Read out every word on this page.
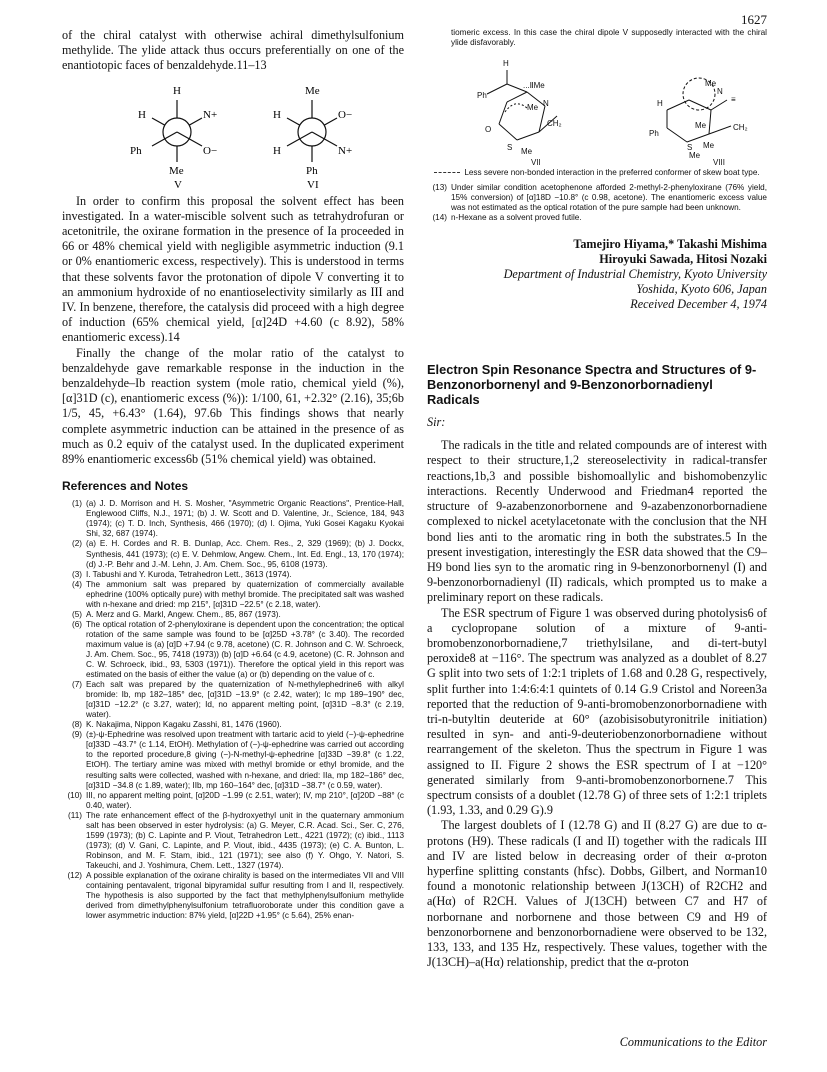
1627

of the chiral catalyst with otherwise achiral dimethylsulfonium methylide. The ylide attack thus occurs preferentially on one of the enantiotopic faces of benzaldehyde.11–13

H
N+
H
Ph	O−
Me
V
Me
O−
H
H	N+
Ph
VI

In order to confirm this proposal the solvent effect has been investigated. In a water-miscible solvent such as tetrahydrofuran or acetonitrile, the oxirane formation in the presence of Ia proceeded in 66 or 48% chemical yield with negligible asymmetric induction (9.1 or 0% enantiomeric excess, respectively). This is understood in terms that these solvents favor the protonation of dipole V converting it to an ammonium hydroxide of no enantioselectivity similarly as III and IV. In benzene, therefore, the catalysis did proceed with a high degree of induction (65% chemical yield, [α]24D +4.60 (c 8.92), 58% enantiomeric excess).14

Finally the change of the molar ratio of the catalyst to benzaldehyde gave remarkable response in the induction in the benzaldehyde–Ib reaction system (mole ratio, chemical yield (%), [α]31D (c), enantiomeric excess (%)): 1/100, 61, +2.32° (2.16), 35;6b 1/5, 45, +6.43° (1.64), 97.6b This findings shows that nearly complete asymmetric induction can be attained in the presence of as much as 0.2 equiv of the catalyst used. In the duplicated experiment 89% enantiomeric excess6b (51% chemical yield) was obtained.

References and Notes
(1) (a) J. D. Morrison and H. S. Mosher, "Asymmetric Organic Reactions", Prentice-Hall, Englewood Cliffs, N.J., 1971; (b) J. W. Scott and D. Valentine, Jr., Science, 184, 943 (1974); (c) T. D. Inch, Synthesis, 466 (1970); (d) I. Ojima, Yuki Gosei Kagaku Kyokai Shi, 32, 687 (1974).
(2) (a) E. H. Cordes and R. B. Dunlap, Acc. Chem. Res., 2, 329 (1969); (b) J. Dockx, Synthesis, 441 (1973); (c) E. V. Dehmlow, Angew. Chem., Int. Ed. Engl., 13, 170 (1974); (d) J.-P. Behr and J.-M. Lehn, J. Am. Chem. Soc., 95, 6108 (1973).
(3) I. Tabushi and Y. Kuroda, Tetrahedron Lett., 3613 (1974).
(4) The ammonium salt was prepared by quaternization of commercially available ephedrine (100% optically pure) with methyl bromide. The precipitated salt was washed with n-hexane and dried: mp 215°, [α]31D −22.5° (c 2.18, water).
(5) A. Merz and G. Markl, Angew. Chem., 85, 867 (1973).
(6) The optical rotation of 2-phenyloxirane is dependent upon the concentration; the optical rotation of the same sample was found to be [α]25D +3.78° (c 3.40). The recorded maximum value is (a) [α]D +7.94 (c 9.78, acetone) (C. R. Johnson and C. W. Schroeck, J. Am. Chem. Soc., 95, 7418 (1973)) (b) [α]D +6.64 (c 4.9, acetone) (C. R. Johnson and C. W. Schroeck, ibid., 93, 5303 (1971)). Therefore the optical yield in this report was estimated on the basis of either the value (a) or (b) depending on the value of c.
(7) Each salt was prepared by the quaternization of N-methylephedrine6 with alkyl bromide: Ib, mp 182–185° dec, [α]31D −13.9° (c 2.42, water); Ic mp 189–190° dec, [α]31D −12.2° (c 3.27, water); Id, no apparent melting point, [α]31D −8.3° (c 2.19, water).
(8) K. Nakajima, Nippon Kagaku Zasshi, 81, 1476 (1960).
(9) (±)-ψ-Ephedrine was resolved upon treatment with tartaric acid to yield (−)-ψ-ephedrine [α]33D −43.7° (c 1.14, EtOH). Methylation of (−)-ψ-ephedrine was carried out according to the reported procedure,8 giving (−)-N-methyl-ψ-ephedrine [α]33D −39.8° (c 1.22, EtOH). The tertiary amine was mixed with methyl bromide or ethyl bromide, and the resulting salts were collected, washed with n-hexane, and dried: IIa, mp 182–186° dec, [α]31D −34.8 (c 1.89, water); IIb, mp 160–164° dec, [α]31D −38.7° (c 0.59, water).
(10) III, no apparent melting point, [α]20D −1.99 (c 2.51, water); IV, mp 210°, [α]20D −88° (c 0.40, water).
(11) The rate enhancement effect of the β-hydroxyethyl unit in the quaternary ammonium salt has been observed in ester hydrolysis: (a) G. Meyer, C.R. Acad. Sci., Ser. C, 276, 1599 (1973); (b) C. Lapinte and P. Viout, Tetrahedron Lett., 4221 (1972); (c) ibid., 1113 (1973); (d) V. Gani, C. Lapinte, and P. Viout, ibid., 4435 (1973); (e) C. A. Bunton, L. Robinson, and M. F. Stam, ibid., 121 (1971); see also (f) Y. Ohgo, Y. Natori, S. Takeuchi, and J. Yoshimura, Chem. Lett., 1327 (1974).
(12) A possible explanation of the oxirane chirality is based on the intermediates VII and VIII containing pentavalent, trigonal bipyramidal sulfur resulting from I and II, respectively. The hypothesis is also supported by the fact that methylphenylsulfonium methylide derived from dimethylphenylsulfonium tetrafluoroborate under this condition gave a lower asymmetric induction: 87% yield, [α]22D +1.95° (c 5.64), 25% enan-

tiomeric excess. In this case the chiral dipole V supposedly interacted with the chiral ylide disfavorably.

Ph
H
...ⅡMe
Me N
S Me
CH₂
O
VII
Me
H
N
≡
Ph
Me
S
CH₂
Me
Me
VIII

Less severe non-bonded interaction in the preferred conformer of skew boat type.

(13) Under similar condition acetophenone afforded 2-methyl-2-phenyloxirane (76% yield, 15% conversion) of [α]18D −10.8° (c 0.98, acetone). The enantiomeric excess value was not estimated as the optical rotation of the pure sample had been unknown.
(14) n-Hexane as a solvent proved futile.
Tamejiro Hiyama,* Takashi Mishima
Hiroyuki Sawada, Hitosi Nozaki
Department of Industrial Chemistry, Kyoto University
Yoshida, Kyoto 606, Japan
Received December 4, 1974
Electron Spin Resonance Spectra and Structures of 9-Benzonorbornenyl and 9-Benzonorbornadienyl Radicals

Sir:

The radicals in the title and related compounds are of interest with respect to their structure,1,2 stereoselectivity in radical-transfer reactions,1b,3 and possible bishomoallylic and bishomobenzylic interactions. Recently Underwood and Friedman4 reported the structure of 9-azabenzonorbornene and 9-azabenzonorbornadiene complexed to nickel acetylacetonate with the conclusion that the NH bond lies anti to the aromatic ring in both the substrates.5 In the present investigation, interestingly the ESR data showed that the C9–H9 bond lies syn to the aromatic ring in 9-benzonorbornenyl (I) and 9-benzonorbornadienyl (II) radicals, which prompted us to make a preliminary report on these radicals.

The ESR spectrum of Figure 1 was observed during photolysis6 of a cyclopropane solution of a mixture of 9-anti-bromobenzonorbornadiene,7 triethylsilane, and di-tert-butyl peroxide8 at −116°. The spectrum was analyzed as a doublet of 8.27 G split into two sets of 1:2:1 triplets of 1.68 and 0.28 G, respectively, split further into 1:4:6:4:1 quintets of 0.14 G.9 Cristol and Noreen3a reported that the reduction of 9-anti-bromobenzonorbornadiene with tri-n-butyltin deuteride at 60° (azobisisobutyronitrile initiation) resulted in syn- and anti-9-deuteriobenzonorbornadiene without rearrangement of the skeleton. Thus the spectrum in Figure 1 was assigned to II. Figure 2 shows the ESR spectrum of I at −120° generated similarly from 9-anti-bromobenzonorbornene.7 This spectrum consists of a doublet (12.78 G) of three sets of 1:2:1 triplets (1.93, 1.33, and 0.29 G).9

The largest doublets of I (12.78 G) and II (8.27 G) are due to α-protons (H9). These radicals (I and II) together with the radicals III and IV are listed below in decreasing order of their α-proton hyperfine splitting constants (hfsc). Dobbs, Gilbert, and Norman10 found a monotonic relationship between J(13CH) of R2CH2 and a(Hα) of R2CH. Values of J(13CH) between C7 and H7 of norbornane and norbornene and those between C9 and H9 of benzonorbornene and benzonorbornadiene were observed to be 132, 133, 133, and 135 Hz, respectively. These values, together with the J(13CH)–a(Hα) relationship, predict that the α-proton

Communications to the Editor
